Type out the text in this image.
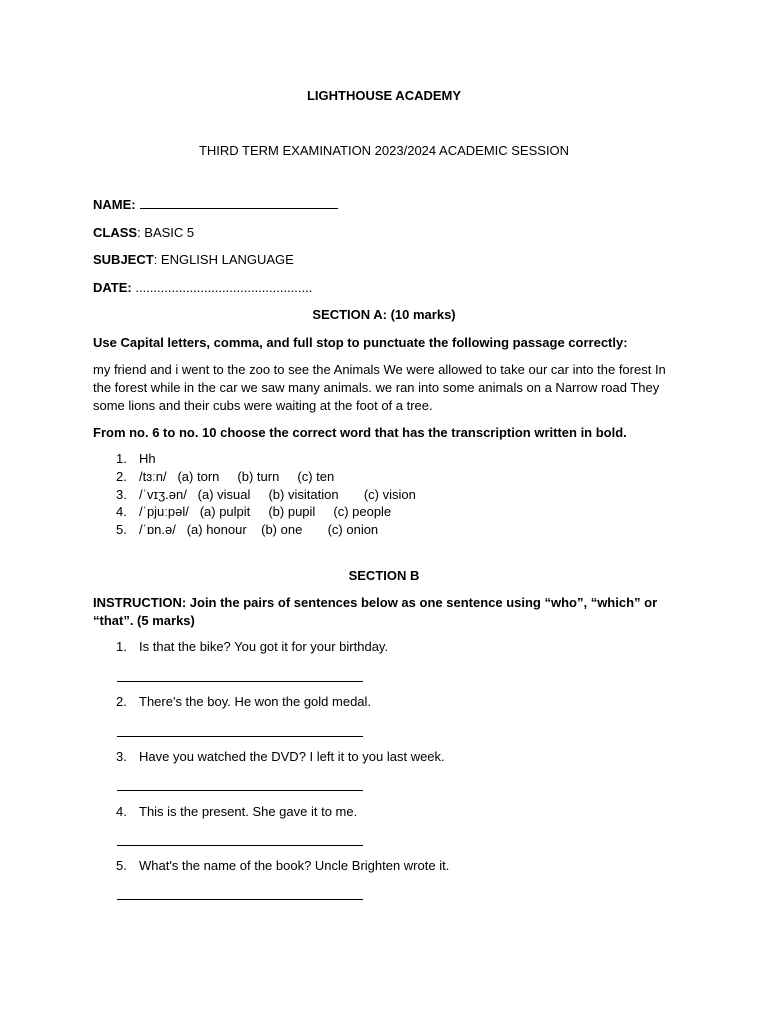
LIGHTHOUSE ACADEMY
THIRD TERM EXAMINATION 2023/2024 ACADEMIC SESSION
NAME:
CLASS: BASIC 5
SUBJECT: ENGLISH LANGUAGE
DATE: .................................................
SECTION A: (10 marks)
Use Capital letters, comma, and full stop to punctuate the following passage correctly:
my friend and i went to the zoo to see the Animals We were allowed to take our car into the forest In the forest while in the car we saw many animals. we ran into some animals on a Narrow road They some lions and their cubs were waiting at the foot of a tree.
From no. 6 to no. 10 choose the correct word that has the transcription written in bold.
1. Hh
2. /tɜːn/   (a) torn     (b) turn     (c) ten
3. /ˈvɪʒ.ən/   (a) visual     (b) visitation       (c) vision
4. /ˈpjuːpəl/   (a) pulpit     (b) pupil     (c) people
5. /ˈɒn.ə/   (a) honour    (b) one       (c) onion
SECTION B
INSTRUCTION: Join the pairs of sentences below as one sentence using “who”, “which” or “that”. (5 marks)
1. Is that the bike? You got it for your birthday.
2. There's the boy. He won the gold medal.
3. Have you watched the DVD? I left it to you last week.
4. This is the present. She gave it to me.
5. What's the name of the book? Uncle Brighten wrote it.
